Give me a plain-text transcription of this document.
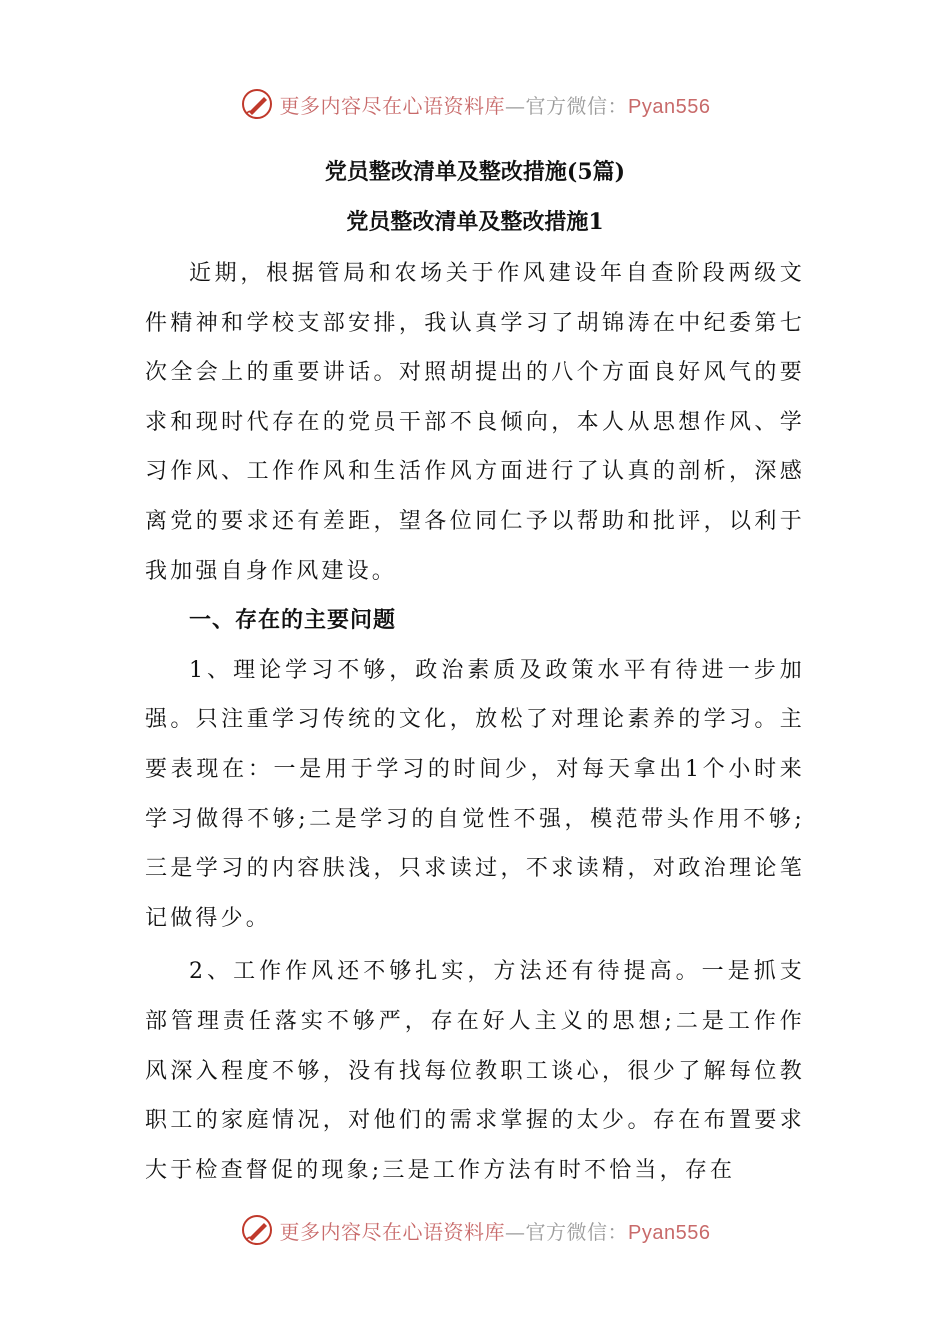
更多内容尽在心语资料库—官方微信：Pyan556
党员整改清单及整改措施(5篇)
党员整改清单及整改措施1

近期，根据管局和农场关于作风建设年自查阶段两级文件精神和学校支部安排，我认真学习了胡锦涛在中纪委第七次全会上的重要讲话。对照胡提出的八个方面良好风气的要求和现时代存在的党员干部不良倾向，本人从思想作风、学习作风、工作作风和生活作风方面进行了认真的剖析，深感离党的要求还有差距，望各位同仁予以帮助和批评，以利于我加强自身作风建设。

一、存在的主要问题

1、理论学习不够，政治素质及政策水平有待进一步加强。只注重学习传统的文化，放松了对理论素养的学习。主要表现在：一是用于学习的时间少，对每天拿出1个小时来学习做得不够;二是学习的自觉性不强，模范带头作用不够;三是学习的内容肤浅，只求读过，不求读精，对政治理论笔记做得少。

2、工作作风还不够扎实，方法还有待提高。一是抓支部管理责任落实不够严，存在好人主义的思想;二是工作作风深入程度不够，没有找每位教职工谈心，很少了解每位教职工的家庭情况，对他们的需求掌握的太少。存在布置要求大于检查督促的现象;三是工作方法有时不恰当，存在

更多内容尽在心语资料库—官方微信：Pyan556
